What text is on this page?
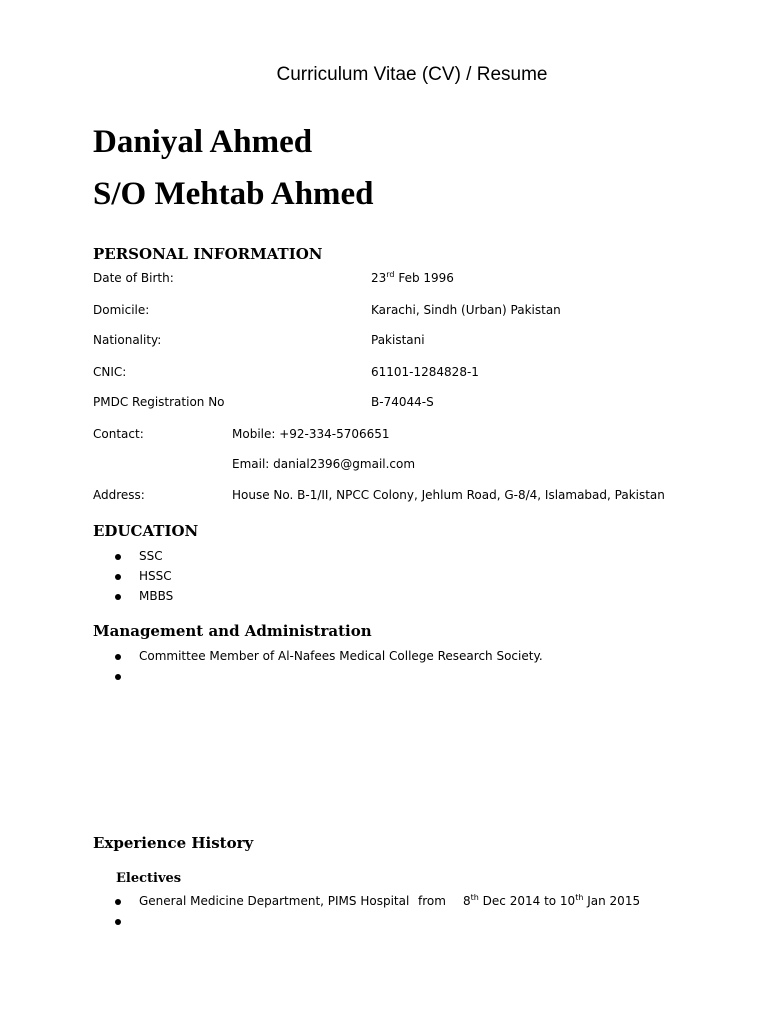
Curriculum Vitae (CV) / Resume
Daniyal Ahmed
S/O Mehtab Ahmed
PERSONAL INFORMATION
Date of Birth:	23rd Feb 1996
Domicile:	Karachi, Sindh (Urban) Pakistan
Nationality:	Pakistani
CNIC:	61101-1284828-1
PMDC Registration No	B-74044-S
Contact:	Mobile: +92-334-5706651
Email: danial2396@gmail.com
Address:	House No. B-1/II, NPCC Colony, Jehlum Road, G-8/4, Islamabad, Pakistan
EDUCATION
SSC
HSSC
MBBS
Management and Administration
Committee Member of Al-Nafees Medical College Research Society.
Experience History
Electives
General Medicine Department, PIMS Hospital from 8th Dec 2014 to 10th Jan 2015
